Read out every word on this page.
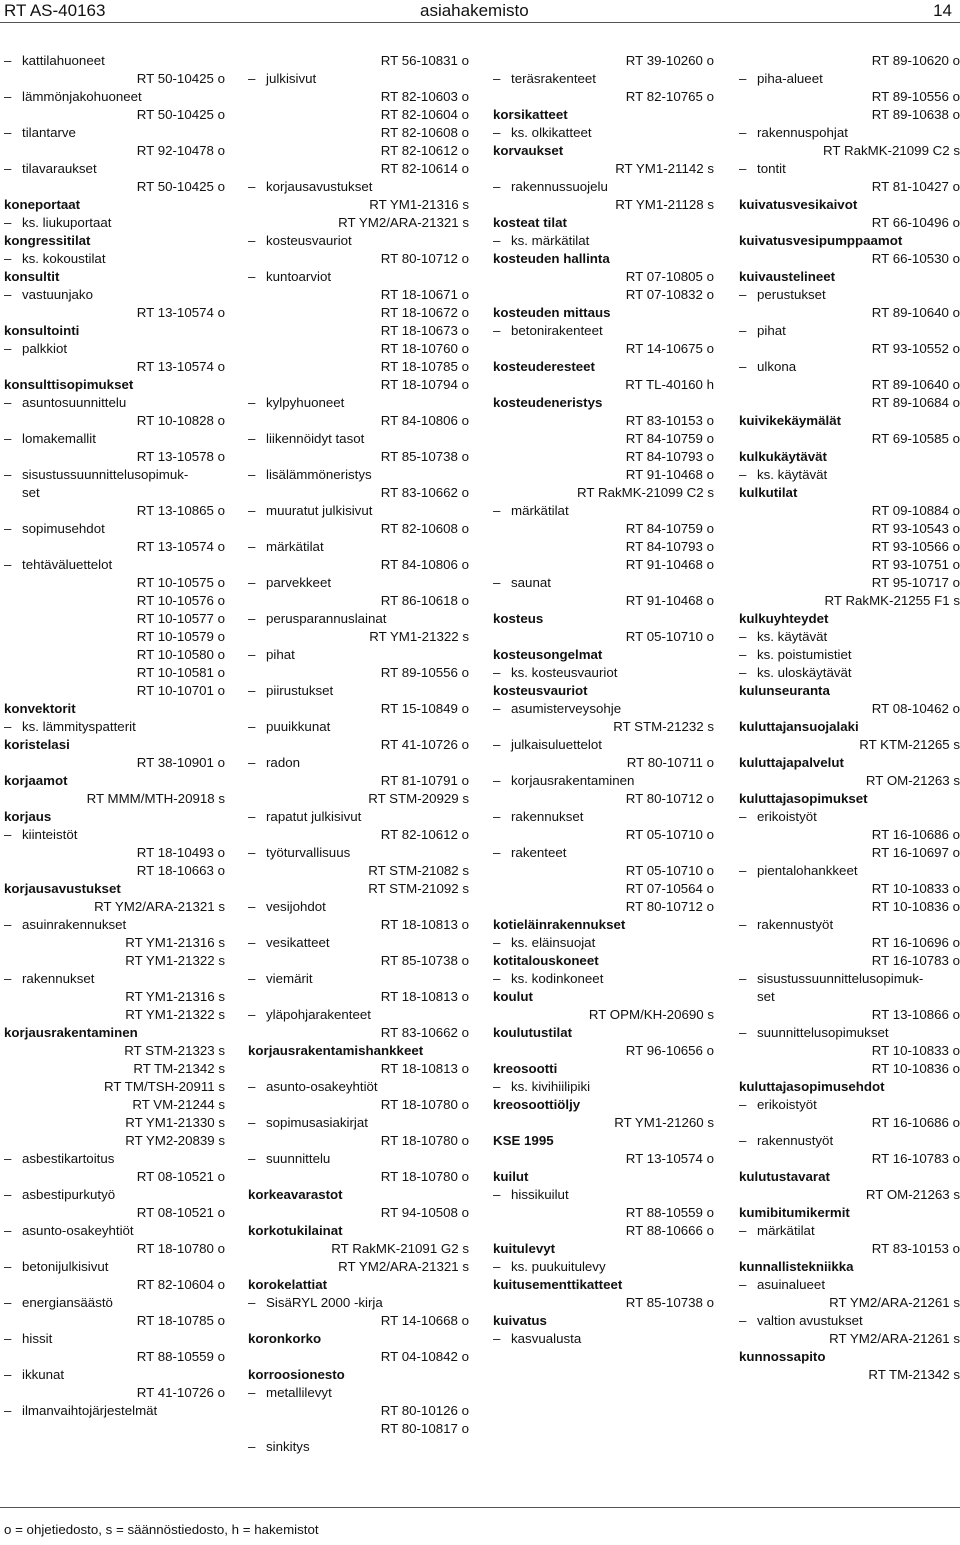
RT AS-40163	asiahakemisto	14
– kattilahuoneet
RT 50-10425 o
– lämmönjakohuoneet
RT 50-10425 o
– tilantarve
RT 92-10478 o
– tilavaraukset
RT 50-10425 o
koneportaat
– ks. liukuportaat
kongressitilat
– ks. kokoustilat
konsultit
– vastuunjako
RT 13-10574 o
konsultointi
– palkkiot
RT 13-10574 o
konsulttisopimukset
– asuntosuunnittelu
RT 10-10828 o
– lomakemallit
RT 13-10578 o
– sisustussuunnittelusopimuk-
set
RT 13-10865 o
– sopimusehdot
RT 13-10574 o
– tehtäväluettelot
RT 10-10575 o
RT 10-10576 o
RT 10-10577 o
RT 10-10579 o
RT 10-10580 o
RT 10-10581 o
RT 10-10701 o
konvektorit
– ks. lämmityspatterit
koristelasi
RT 38-10901 o
korjaamot
RT MMM/MTH-20918 s
korjaus
– kiinteistöt
RT 18-10493 o
RT 18-10663 o
korjausavustukset
RT YM2/ARA-21321 s
– asuinrakennukset
RT YM1-21316 s
RT YM1-21322 s
– rakennukset
RT YM1-21316 s
RT YM1-21322 s
korjausrakentaminen
RT STM-21323 s
RT TM-21342 s
RT TM/TSH-20911 s
RT VM-21244 s
RT YM1-21330 s
RT YM2-20839 s
– asbestikartoitus
RT 08-10521 o
– asbestipurkutyö
RT 08-10521 o
– asunto-osakeyhtiöt
RT 18-10780 o
– betonijulkisivut
RT 82-10604 o
– energiansäästö
RT 18-10785 o
– hissit
RT 88-10559 o
– ikkunat
RT 41-10726 o
– ilmanvaihtojärjestelmät
RT 56-10831 o
– julkisivut
RT 82-10603 o
RT 82-10604 o
RT 82-10608 o
RT 82-10612 o
RT 82-10614 o
– korjausavustukset
RT YM1-21316 s
RT YM2/ARA-21321 s
– kosteusvauriot
RT 80-10712 o
– kuntoarviot
RT 18-10671 o
RT 18-10672 o
RT 18-10673 o
RT 18-10760 o
RT 18-10785 o
RT 18-10794 o
– kylpyhuoneet
RT 84-10806 o
– liikennöidyt tasot
RT 85-10738 o
– lisälämmöneristys
RT 83-10662 o
– muuratut julkisivut
RT 82-10608 o
– märkätilat
RT 84-10806 o
– parvekkeet
RT 86-10618 o
– perusparannuslainat
RT YM1-21322 s
– pihat
RT 89-10556 o
– piirustukset
RT 15-10849 o
– puuikkunat
RT 41-10726 o
– radon
RT 81-10791 o
RT STM-20929 s
– rapatut julkisivut
RT 82-10612 o
– työturvallisuus
RT STM-21082 s
RT STM-21092 s
– vesijohdot
RT 18-10813 o
– vesikatteet
RT 85-10738 o
– viemärit
RT 18-10813 o
– yläpohjarakenteet
RT 83-10662 o
korjausrakentamishankkeet
RT 18-10813 o
– asunto-osakeyhtiöt
RT 18-10780 o
– sopimusasiakirjat
RT 18-10780 o
– suunnittelu
RT 18-10780 o
korkeavarastot
RT 94-10508 o
korkotukilainat
RT RakMK-21091 G2 s
RT YM2/ARA-21321 s
korokelattiat
– SisäRYL 2000 -kirja
RT 14-10668 o
koronkorko
RT 04-10842 o
korroosionesto
– metallilevyt
RT 80-10126 o
RT 80-10817 o
– sinkitys
RT 39-10260 o
– teräsrakenteet
RT 82-10765 o
korsikatteet
– ks. olkikatteet
korvaukset
RT YM1-21142 s
– rakennussuojelu
RT YM1-21128 s
kosteat tilat
– ks. märkätilat
kosteuden hallinta
RT 07-10805 o
RT 07-10832 o
kosteuden mittaus
– betonirakenteet
RT 14-10675 o
kosteuderesteet
RT TL-40160 h
kosteudeneristys
RT 83-10153 o
RT 84-10759 o
RT 84-10793 o
RT 91-10468 o
RT RakMK-21099 C2 s
– märkätilat
RT 84-10759 o
RT 84-10793 o
RT 91-10468 o
– saunat
RT 91-10468 o
kosteus
RT 05-10710 o
kosteusongelmat
– ks. kosteusvauriot
kosteusvauriot
– asumisterveysohje
RT STM-21232 s
– julkaisuluettelot
RT 80-10711 o
– korjausrakentaminen
RT 80-10712 o
– rakennukset
RT 05-10710 o
– rakenteet
RT 05-10710 o
RT 07-10564 o
RT 80-10712 o
kotieläinrakennukset
– ks. eläinsuojat
kotitalouskoneet
– ks. kodinkoneet
koulut
RT OPM/KH-20690 s
koulutustilat
RT 96-10656 o
kreosootti
– ks. kivihiilipiki
kreosoottiöljy
RT YM1-21260 s
KSE 1995
RT 13-10574 o
kuilut
– hissikuilut
RT 88-10559 o
RT 88-10666 o
kuitulevyt
– ks. puukuitulevy
kuitusementtikatteet
RT 85-10738 o
kuivatus
– kasvualusta
RT 89-10620 o
– piha-alueet
RT 89-10556 o
RT 89-10638 o
– rakennuspohjat
RT RakMK-21099 C2 s
– tontit
RT 81-10427 o
kuivatusvesikaivot
RT 66-10496 o
kuivatusvesipumppaamot
RT 66-10530 o
kuivaustelineet
– perustukset
RT 89-10640 o
– pihat
RT 93-10552 o
– ulkona
RT 89-10640 o
RT 89-10684 o
kuivikekäymälät
RT 69-10585 o
kulkukäytävät
– ks. käytävät
kulkutilat
RT 09-10884 o
RT 93-10543 o
RT 93-10566 o
RT 93-10751 o
RT 95-10717 o
RT RakMK-21255 F1 s
kulkuyhteydet
– ks. käytävät
– ks. poistumistiet
– ks. uloskäytävät
kulunseuranta
RT 08-10462 o
kuluttajansuojalaki
RT KTM-21265 s
kuluttajapalvelut
RT OM-21263 s
kuluttajasopimukset
– erikoistyöt
RT 16-10686 o
RT 16-10697 o
– pientalohankkeet
RT 10-10833 o
RT 10-10836 o
– rakennustyöt
RT 16-10696 o
RT 16-10783 o
– sisustussuunnittelusopimuk-
set
RT 13-10866 o
– suunnittelusopimukset
RT 10-10833 o
RT 10-10836 o
kuluttajasopimusehdot
– erikoistyöt
RT 16-10686 o
– rakennustyöt
RT 16-10783 o
kulutustavarat
RT OM-21263 s
kumibitumikermit
– märkätilat
RT 83-10153 o
kunnallistekniikka
– asuinalueet
RT YM2/ARA-21261 s
– valtion avustukset
RT YM2/ARA-21261 s
kunnossapito
RT TM-21342 s
o = ohjetiedosto, s = säännöstiedosto, h = hakemistot
